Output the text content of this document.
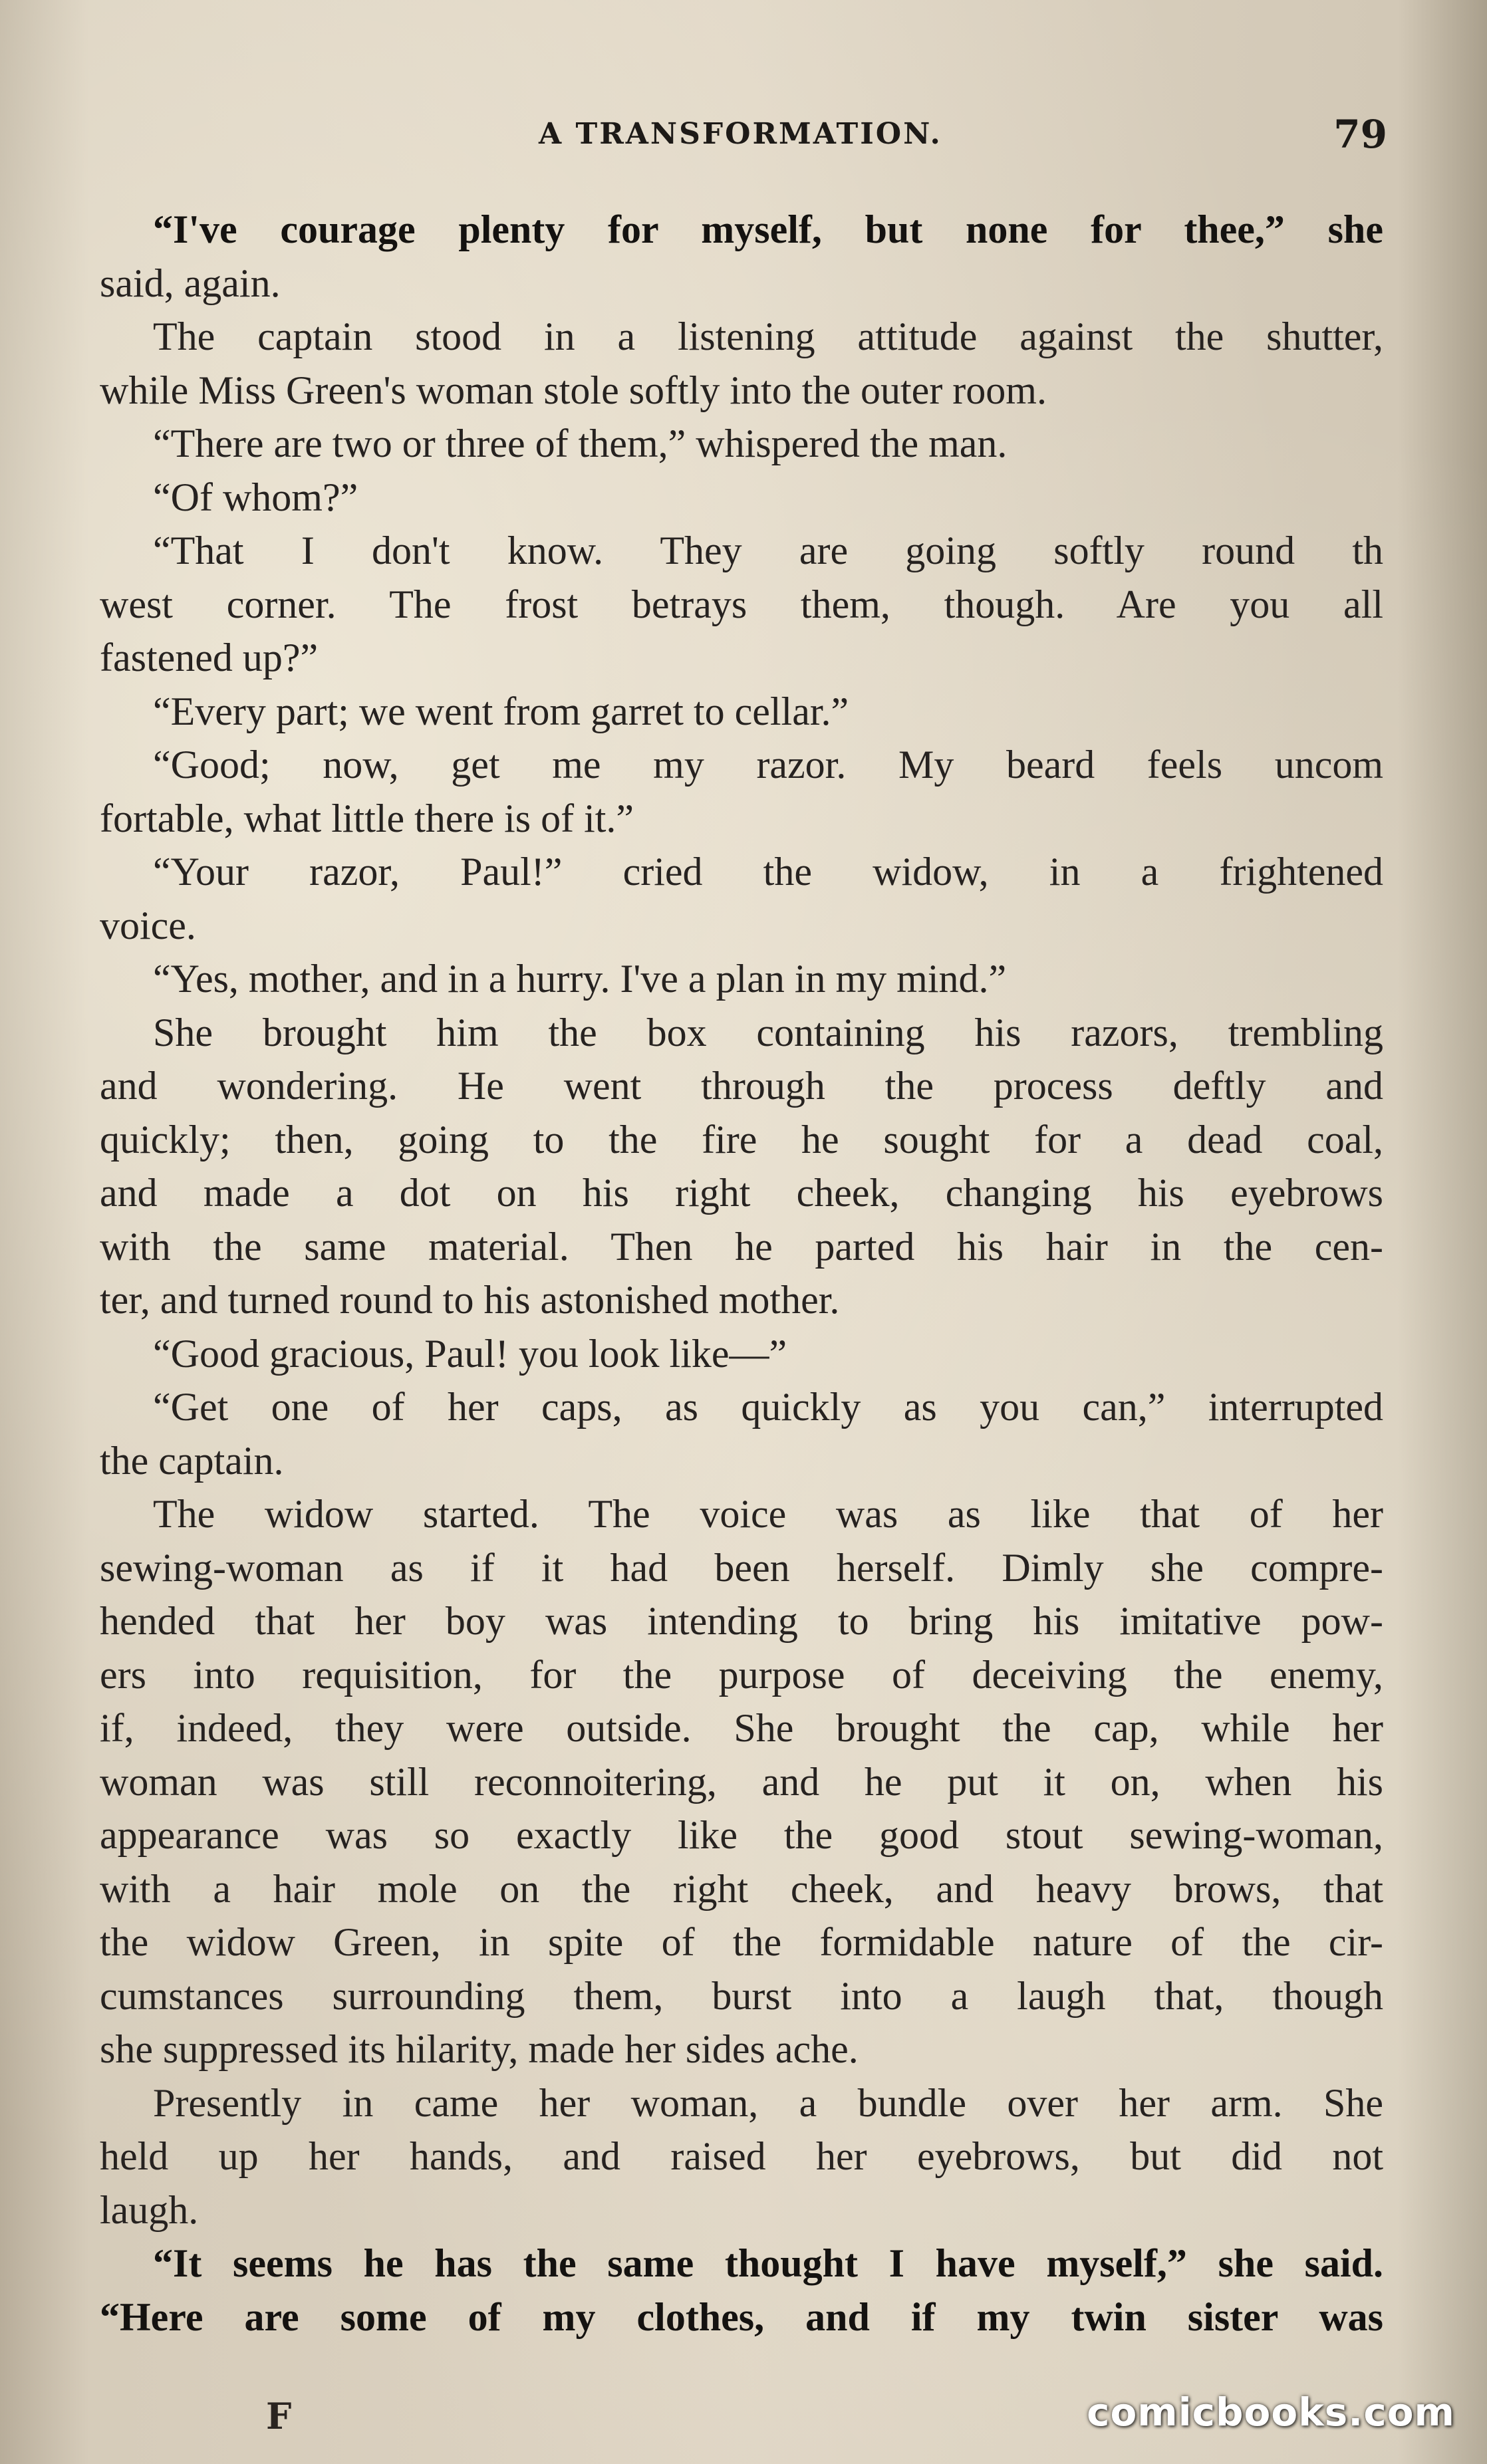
A TRANSFORMATION.	79
“I've courage plenty for myself, but none for thee,” she
said, again.
The captain stood in a listening attitude against the shutter,
while Miss Green's woman stole softly into the outer room.
“There are two or three of them,” whispered the man.
“Of whom?”
“That I don't know. They are going softly round th
west corner. The frost betrays them, though. Are you all
fastened up?”
“Every part; we went from garret to cellar.”
“Good; now, get me my razor. My beard feels uncom
fortable, what little there is of it.”
“Your razor, Paul!” cried the widow, in a frightened
voice.
“Yes, mother, and in a hurry. I've a plan in my mind.”
She brought him the box containing his razors, trembling
and wondering. He went through the process deftly and
quickly; then, going to the fire he sought for a dead coal,
and made a dot on his right cheek, changing his eyebrows
with the same material. Then he parted his hair in the cen-
ter, and turned round to his astonished mother.
“Good gracious, Paul! you look like—”
“Get one of her caps, as quickly as you can,” interrupted
the captain.
The widow started. The voice was as like that of her
sewing-woman as if it had been herself. Dimly she compre-
hended that her boy was intending to bring his imitative pow-
ers into requisition, for the purpose of deceiving the enemy,
if, indeed, they were outside. She brought the cap, while her
woman was still reconnoitering, and he put it on, when his
appearance was so exactly like the good stout sewing-woman,
with a hair mole on the right cheek, and heavy brows, that
the widow Green, in spite of the formidable nature of the cir-
cumstances surrounding them, burst into a laugh that, though
she suppressed its hilarity, made her sides ache.
Presently in came her woman, a bundle over her arm. She
held up her hands, and raised her eyebrows, but did not
laugh.
“It seems he has the same thought I have myself,” she said.
“Here are some of my clothes, and if my twin sister was
F	comicbooks.com
